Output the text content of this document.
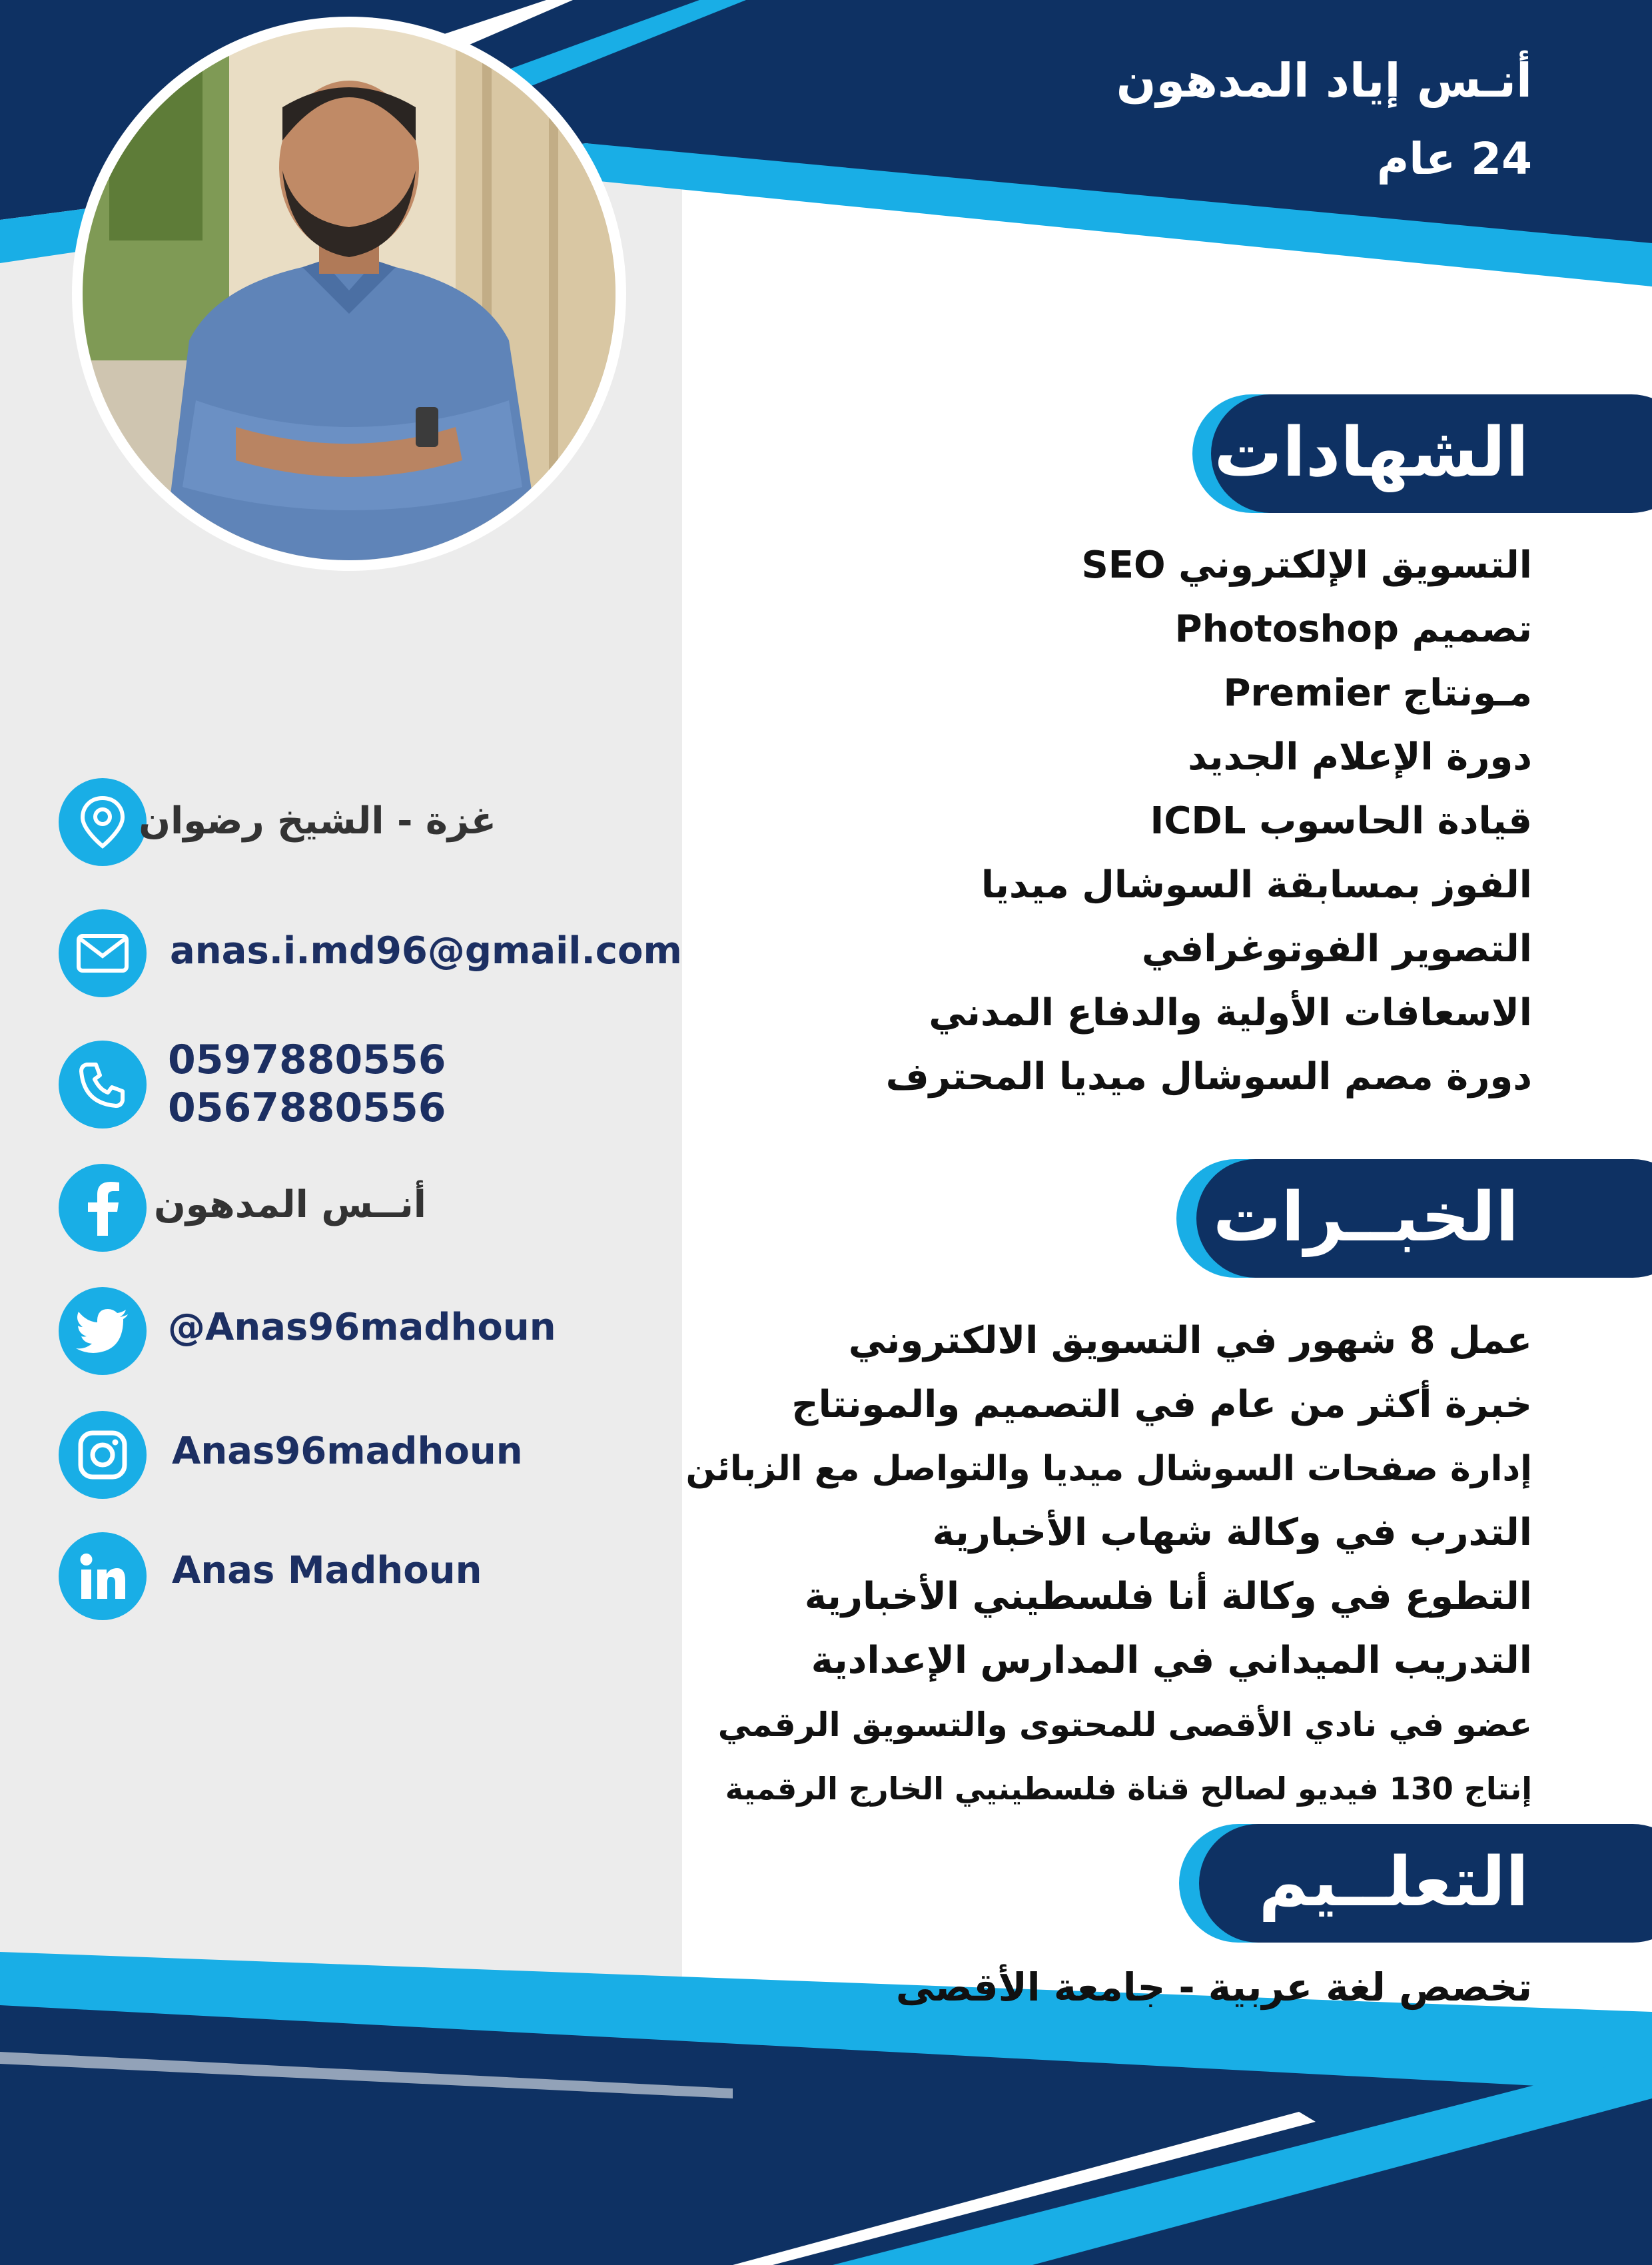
أنـس إياد المدهون
24 عام
الشهادات
الخبــرات
التعلــيم
التسويق الإلكتروني SEO
تصميم Photoshop
مـونتاج Premier
دورة الإعلام الجديد
قيادة الحاسوب ICDL
الفوز بمسابقة السوشال ميديا
التصوير الفوتوغرافي
الاسعافات الأولية والدفاع المدني
دورة مصم السوشال ميديا المحترف
عمل 8 شهور في التسويق الالكتروني
خبرة أكثر من عام في التصميم والمونتاج
إدارة صفحات السوشال ميديا والتواصل مع الزبائن
التدرب في وكالة شهاب الأخبارية
التطوع في وكالة أنا فلسطيني الأخبارية
التدريب الميداني في المدارس الإعدادية
عضو في نادي الأقصى للمحتوى والتسويق الرقمي
إنتاج 130 فيديو لصالح قناة فلسطينيي الخارج الرقمية
تخصص لغة عربية - جامعة الأقصى
غزة - الشيخ رضوان
anas.i.md96@gmail.com
0597880556
0567880556
أنــس المدهون
@Anas96madhoun
Anas96madhoun
Anas Madhoun
